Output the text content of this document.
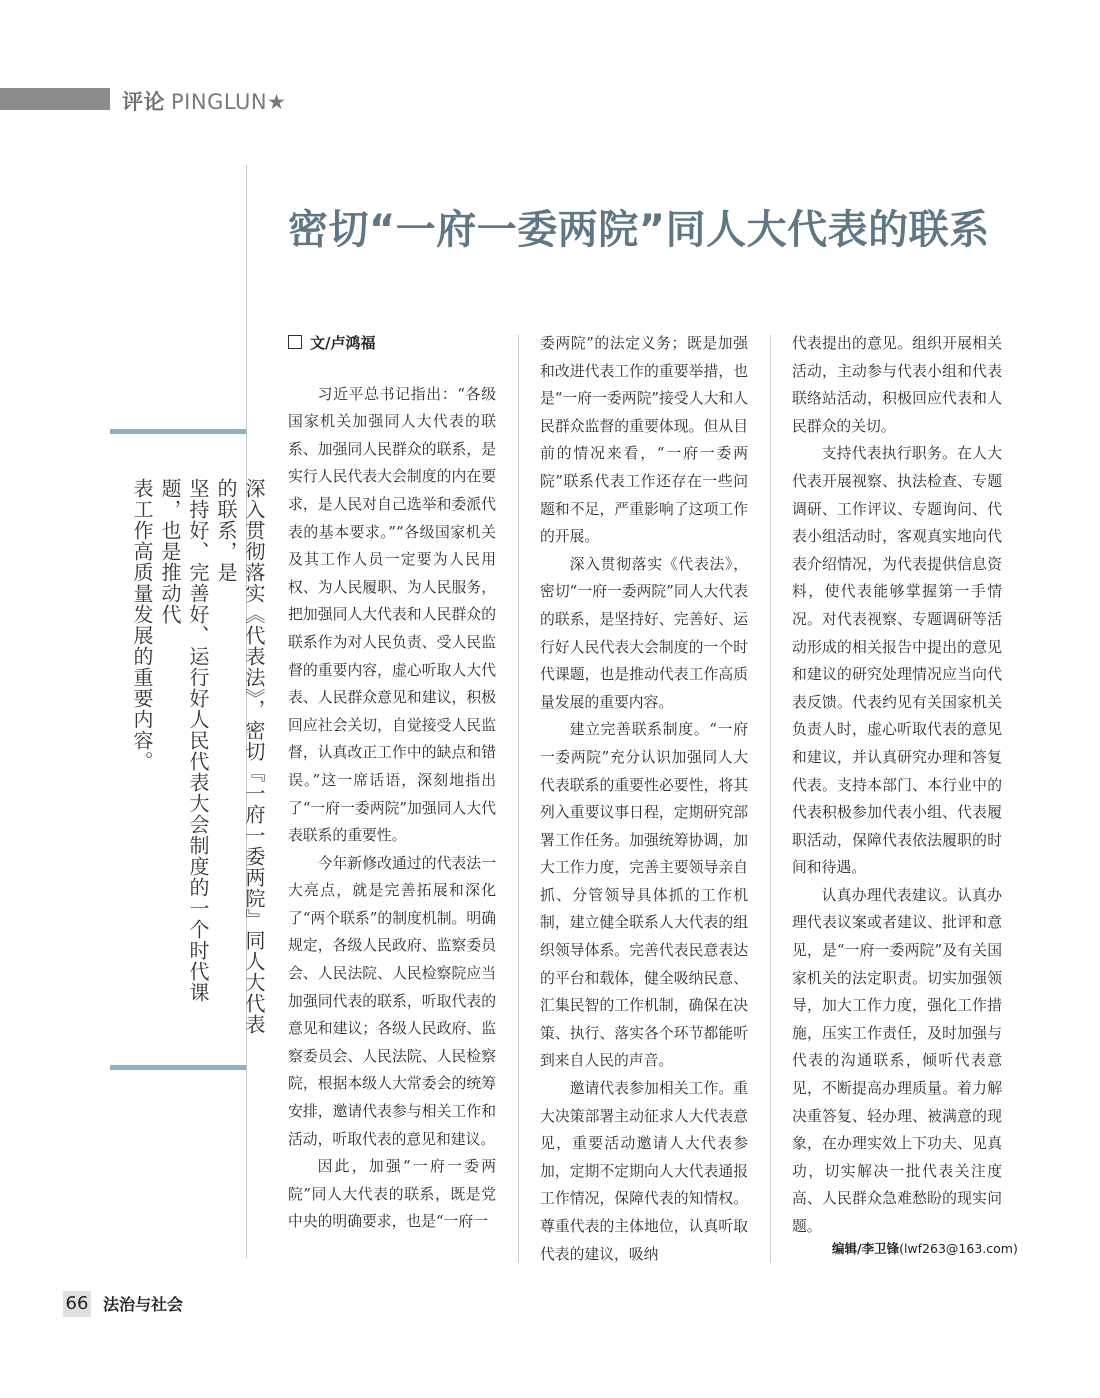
评论 PINGLUN★
密切“一府一委两院”同人大代表的联系
深入贯彻落实《代表法》，密切『一府一委两院』同人大代表的联系，是
坚持好、完善好、运行好人民代表大会制度的一个时代课题，也是推动代
表工作高质量发展的重要内容。
文/卢鸿福

习近平总书记指出：“各级国家机关加强同人大代表的联系、加强同人民群众的联系，是实行人民代表大会制度的内在要求，是人民对自己选举和委派代表的基本要求。”“各级国家机关及其工作人员一定要为人民用权、为人民履职、为人民服务，把加强同人大代表和人民群众的联系作为对人民负责、受人民监督的重要内容，虚心听取人大代表、人民群众意见和建议，积极回应社会关切，自觉接受人民监督，认真改正工作中的缺点和错误。”这一席话语，深刻地指出了“一府一委两院”加强同人大代表联系的重要性。

今年新修改通过的代表法一大亮点，就是完善拓展和深化了“两个联系”的制度机制。明确规定，各级人民政府、监察委员会、人民法院、人民检察院应当加强同代表的联系，听取代表的意见和建议；各级人民政府、监察委员会、人民法院、人民检察院，根据本级人大常委会的统筹安排，邀请代表参与相关工作和活动，听取代表的意见和建议。

因此，加强“一府一委两院”同人大代表的联系，既是党中央的明确要求，也是“一府一

委两院”的法定义务；既是加强和改进代表工作的重要举措，也是“一府一委两院”接受人大和人民群众监督的重要体现。但从目前的情况来看，“一府一委两院”联系代表工作还存在一些问题和不足，严重影响了这项工作的开展。

深入贯彻落实《代表法》，密切“一府一委两院”同人大代表的联系，是坚持好、完善好、运行好人民代表大会制度的一个时代课题，也是推动代表工作高质量发展的重要内容。

建立完善联系制度。“一府一委两院”充分认识加强同人大代表联系的重要性必要性，将其列入重要议事日程，定期研究部署工作任务。加强统筹协调，加大工作力度，完善主要领导亲自抓、分管领导具体抓的工作机制，建立健全联系人大代表的组织领导体系。完善代表民意表达的平台和载体，健全吸纳民意、汇集民智的工作机制，确保在决策、执行、落实各个环节都能听到来自人民的声音。

邀请代表参加相关工作。重大决策部署主动征求人大代表意见，重要活动邀请人大代表参加，定期不定期向人大代表通报工作情况，保障代表的知情权。尊重代表的主体地位，认真听取代表的建议，吸纳

代表提出的意见。组织开展相关活动，主动参与代表小组和代表联络站活动，积极回应代表和人民群众的关切。

支持代表执行职务。在人大代表开展视察、执法检查、专题调研、工作评议、专题询问、代表小组活动时，客观真实地向代表介绍情况，为代表提供信息资料，使代表能够掌握第一手情况。对代表视察、专题调研等活动形成的相关报告中提出的意见和建议的研究处理情况应当向代表反馈。代表约见有关国家机关负责人时，虚心听取代表的意见和建议，并认真研究办理和答复代表。支持本部门、本行业中的代表积极参加代表小组、代表履职活动，保障代表依法履职的时间和待遇。

认真办理代表建议。认真办理代表议案或者建议、批评和意见，是“一府一委两院”及有关国家机关的法定职责。切实加强领导，加大工作力度，强化工作措施，压实工作责任，及时加强与代表的沟通联系，倾听代表意见，不断提高办理质量。着力解决重答复、轻办理、被满意的现象，在办理实效上下功夫、见真功，切实解决一批代表关注度高、人民群众急难愁盼的现实问题。

编辑/李卫锋(lwf263@163.com)
66 法治与社会
